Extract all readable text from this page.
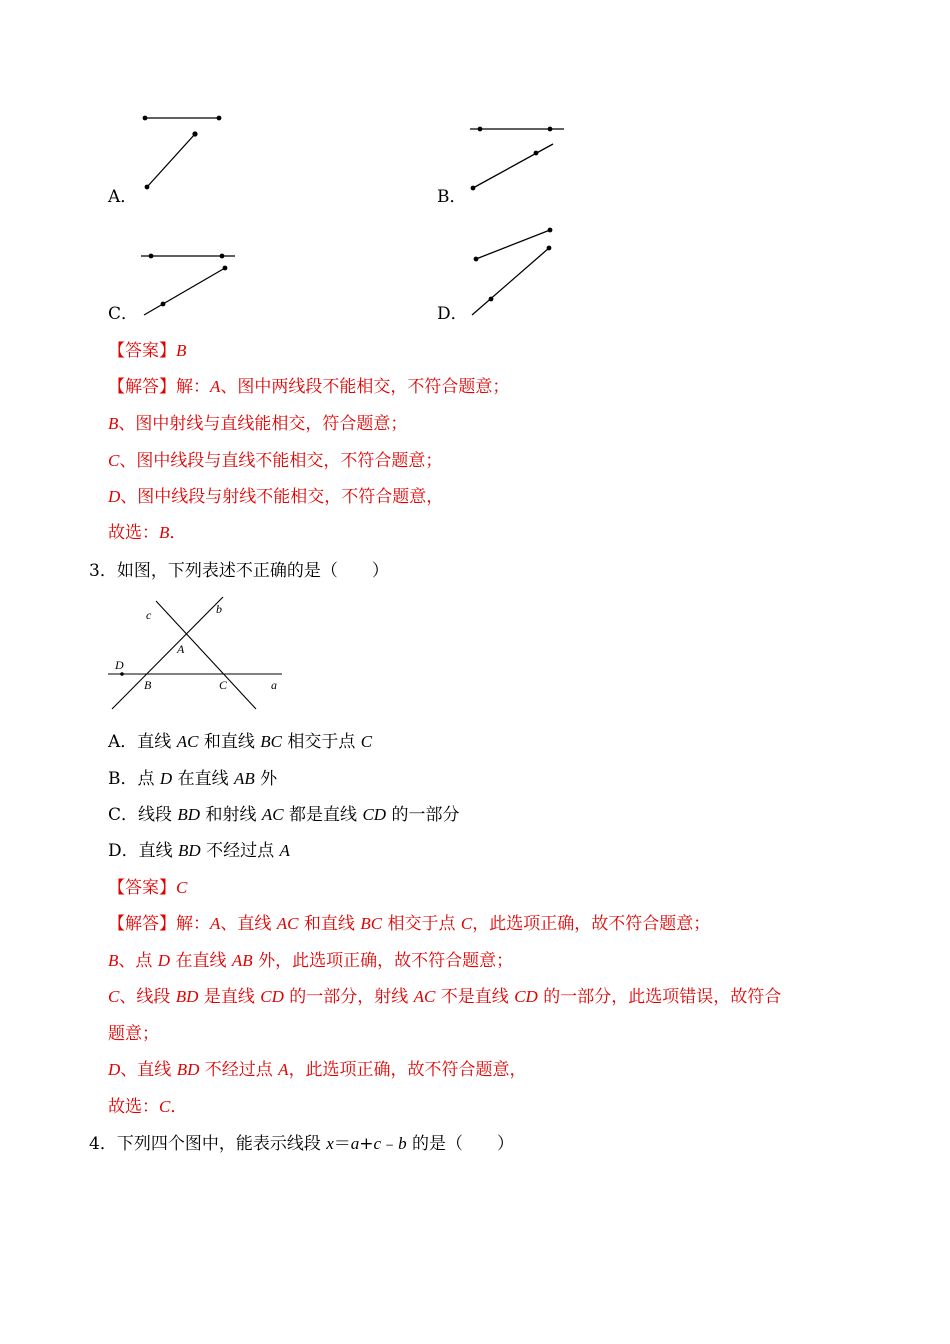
A．	B．
C．	D．
【答案】B
【解答】解：A、图中两线段不能相交，不符合题意；
B、图中射线与直线能相交，符合题意；
C、图中线段与直线不能相交，不符合题意；
D、图中线段与射线不能相交，不符合题意，
故选：B．
3．如图，下列表述不正确的是（　　）
c	b
A
D
B	C	a
A．直线 AC 和直线 BC 相交于点 C
B．点 D 在直线 AB 外
C．线段 BD 和射线 AC 都是直线 CD 的一部分
D．直线 BD 不经过点 A
【答案】C
【解答】解：A、直线 AC 和直线 BC 相交于点 C，此选项正确，故不符合题意；
B、点 D 在直线 AB 外，此选项正确，故不符合题意；
C、线段 BD 是直线 CD 的一部分，射线 AC 不是直线 CD 的一部分，此选项错误，故符合
题意；
D、直线 BD 不经过点 A，此选项正确，故不符合题意，
故选：C．
4．下列四个图中，能表示线段 x＝a+c﹣b 的是（　　）
